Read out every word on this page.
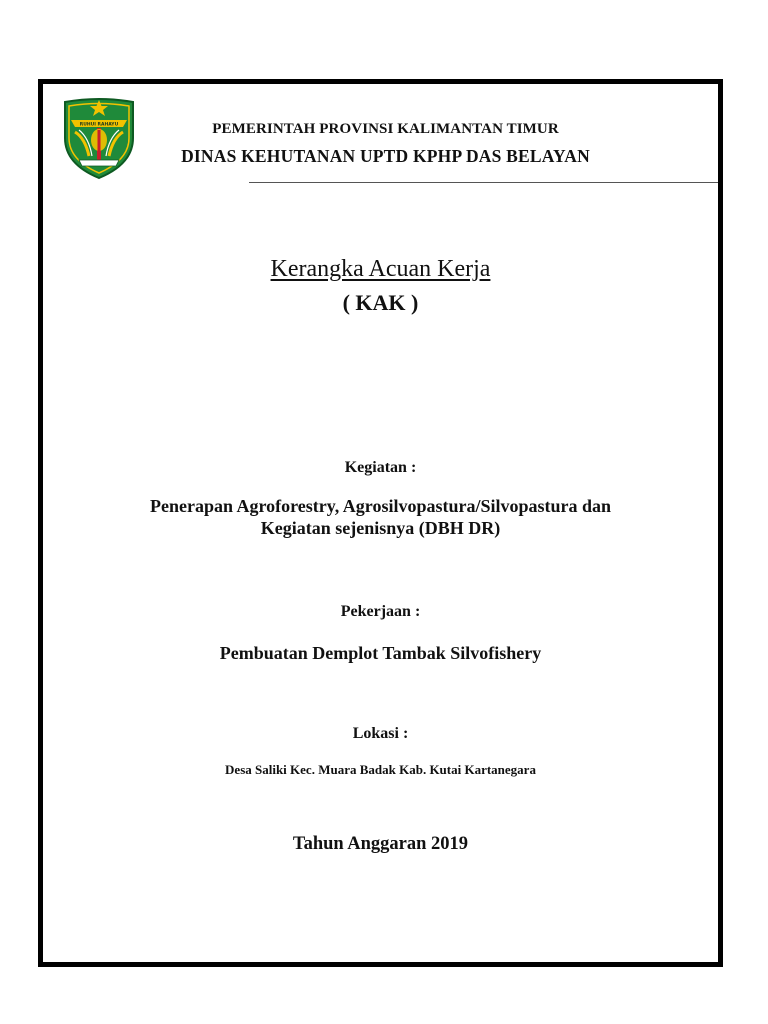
RUHUI RAHAYU	PEMERINTAH PROVINSI KALIMANTAN TIMUR
DINAS KEHUTANAN UPTD KPHP DAS BELAYAN
Kerangka Acuan Kerja
( KAK )
Kegiatan :
Penerapan Agroforestry, Agrosilvopastura/Silvopastura dan
Kegiatan sejenisnya (DBH DR)
Pekerjaan :
Pembuatan Demplot Tambak Silvofishery
Lokasi :
Desa Saliki Kec. Muara Badak Kab. Kutai Kartanegara
Tahun Anggaran 2019
